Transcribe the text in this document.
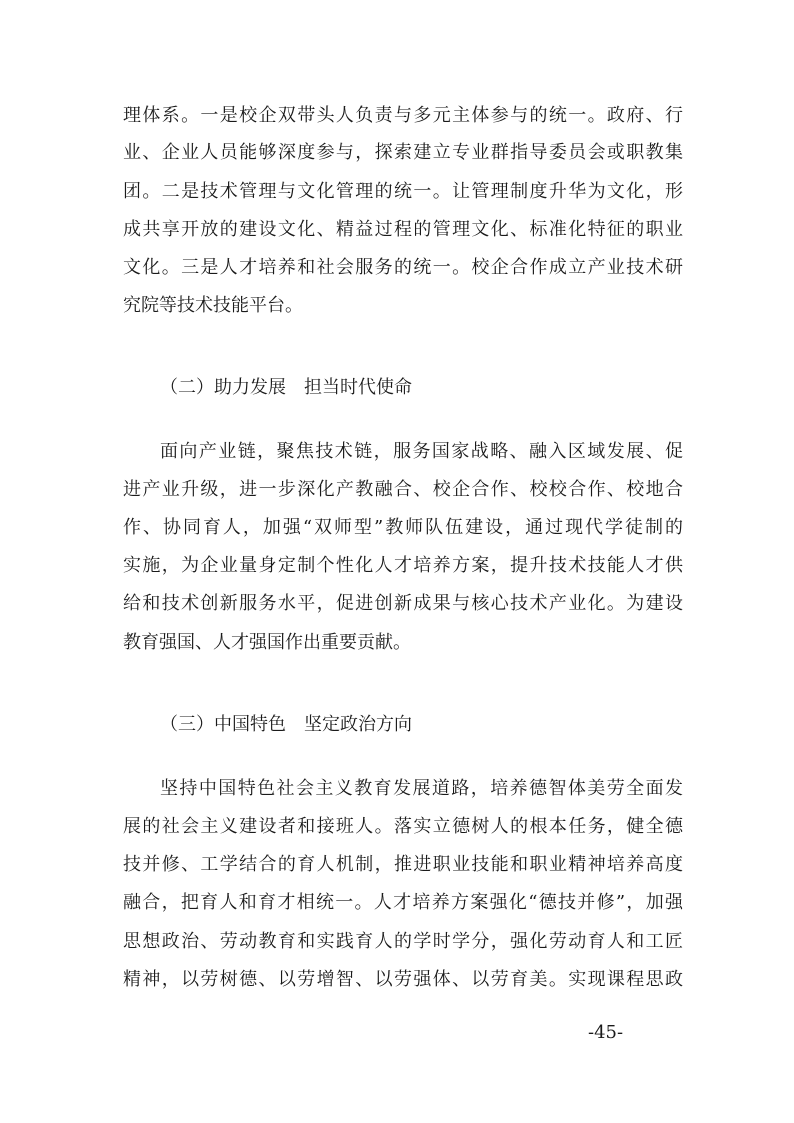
理体系。一是校企双带头人负责与多元主体参与的统一。政府、行
业、企业人员能够深度参与，探索建立专业群指导委员会或职教集
团。二是技术管理与文化管理的统一。让管理制度升华为文化，形
成共享开放的建设文化、精益过程的管理文化、标准化特征的职业
文化。三是人才培养和社会服务的统一。校企合作成立产业技术研
究院等技术技能平台。
（二）助力发展　担当时代使命
面向产业链，聚焦技术链，服务国家战略、融入区域发展、促
进产业升级，进一步深化产教融合、校企合作、校校合作、校地合
作、协同育人，加强“双师型”教师队伍建设，通过现代学徒制的
实施，为企业量身定制个性化人才培养方案，提升技术技能人才供
给和技术创新服务水平，促进创新成果与核心技术产业化。为建设
教育强国、人才强国作出重要贡献。
（三）中国特色　坚定政治方向
坚持中国特色社会主义教育发展道路，培养德智体美劳全面发
展的社会主义建设者和接班人。落实立德树人的根本任务，健全德
技并修、工学结合的育人机制，推进职业技能和职业精神培养高度
融合，把育人和育才相统一。人才培养方案强化“德技并修”，加强
思想政治、劳动教育和实践育人的学时学分，强化劳动育人和工匠
精神，以劳树德、以劳增智、以劳强体、以劳育美。实现课程思政
-45-
